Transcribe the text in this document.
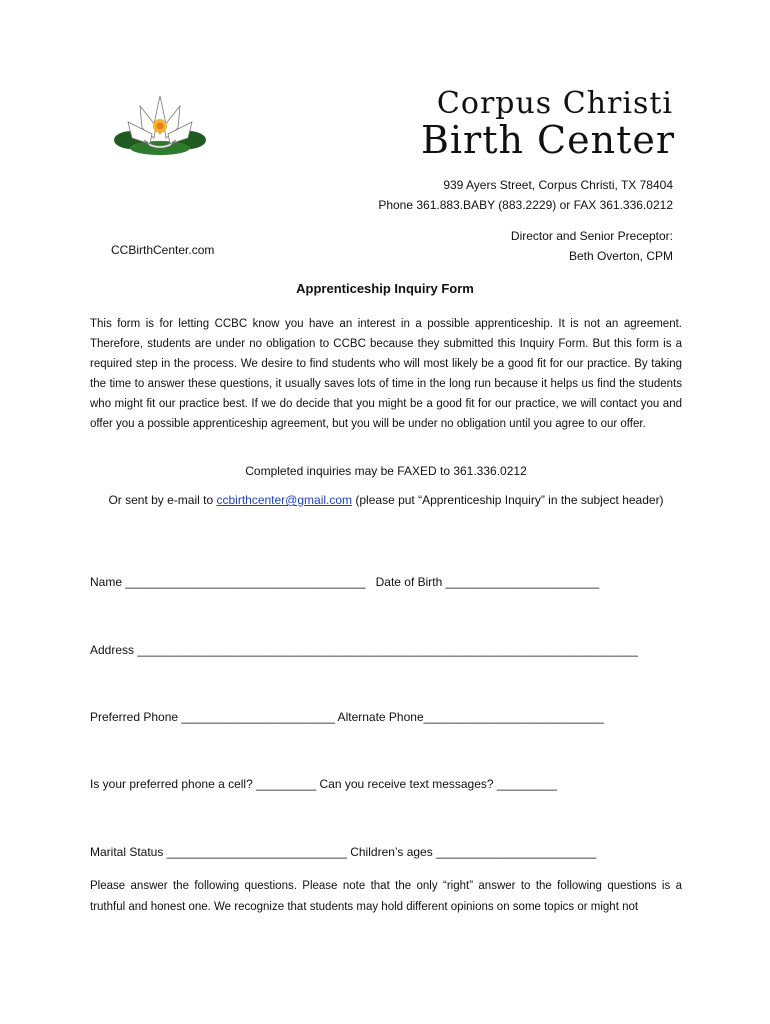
Corpus Christi
Birth Center
939 Ayers Street, Corpus Christi, TX 78404
Phone 361.883.BABY (883.2229) or FAX 361.336.0212
CCBirthCenter.com
Director and Senior Preceptor:
Beth Overton, CPM
Apprenticeship Inquiry Form
This form is for letting CCBC know you have an interest in a possible apprenticeship. It is not an agreement. Therefore, students are under no obligation to CCBC because they submitted this Inquiry Form. But this form is a required step in the process. We desire to find students who will most likely be a good fit for our practice. By taking the time to answer these questions, it usually saves lots of time in the long run because it helps us find the students who might fit our practice best. If we do decide that you might be a good fit for our practice, we will contact you and offer you a possible apprenticeship agreement, but you will be under no obligation until you agree to our offer.
Completed inquiries may be FAXED to 361.336.0212
Or sent by e-mail to ccbirthcenter@gmail.com (please put “Apprenticeship Inquiry” in the subject header)
Name ____________________________________   Date of Birth _______________________
Address ___________________________________________________________________________
Preferred Phone _______________________ Alternate Phone___________________________
Is your preferred phone a cell? _________ Can you receive text messages? _________
Marital Status ___________________________ Children’s ages ________________________
Please answer the following questions. Please note that the only “right” answer to the following questions is a truthful and honest one. We recognize that students may hold different opinions on some topics or might not
